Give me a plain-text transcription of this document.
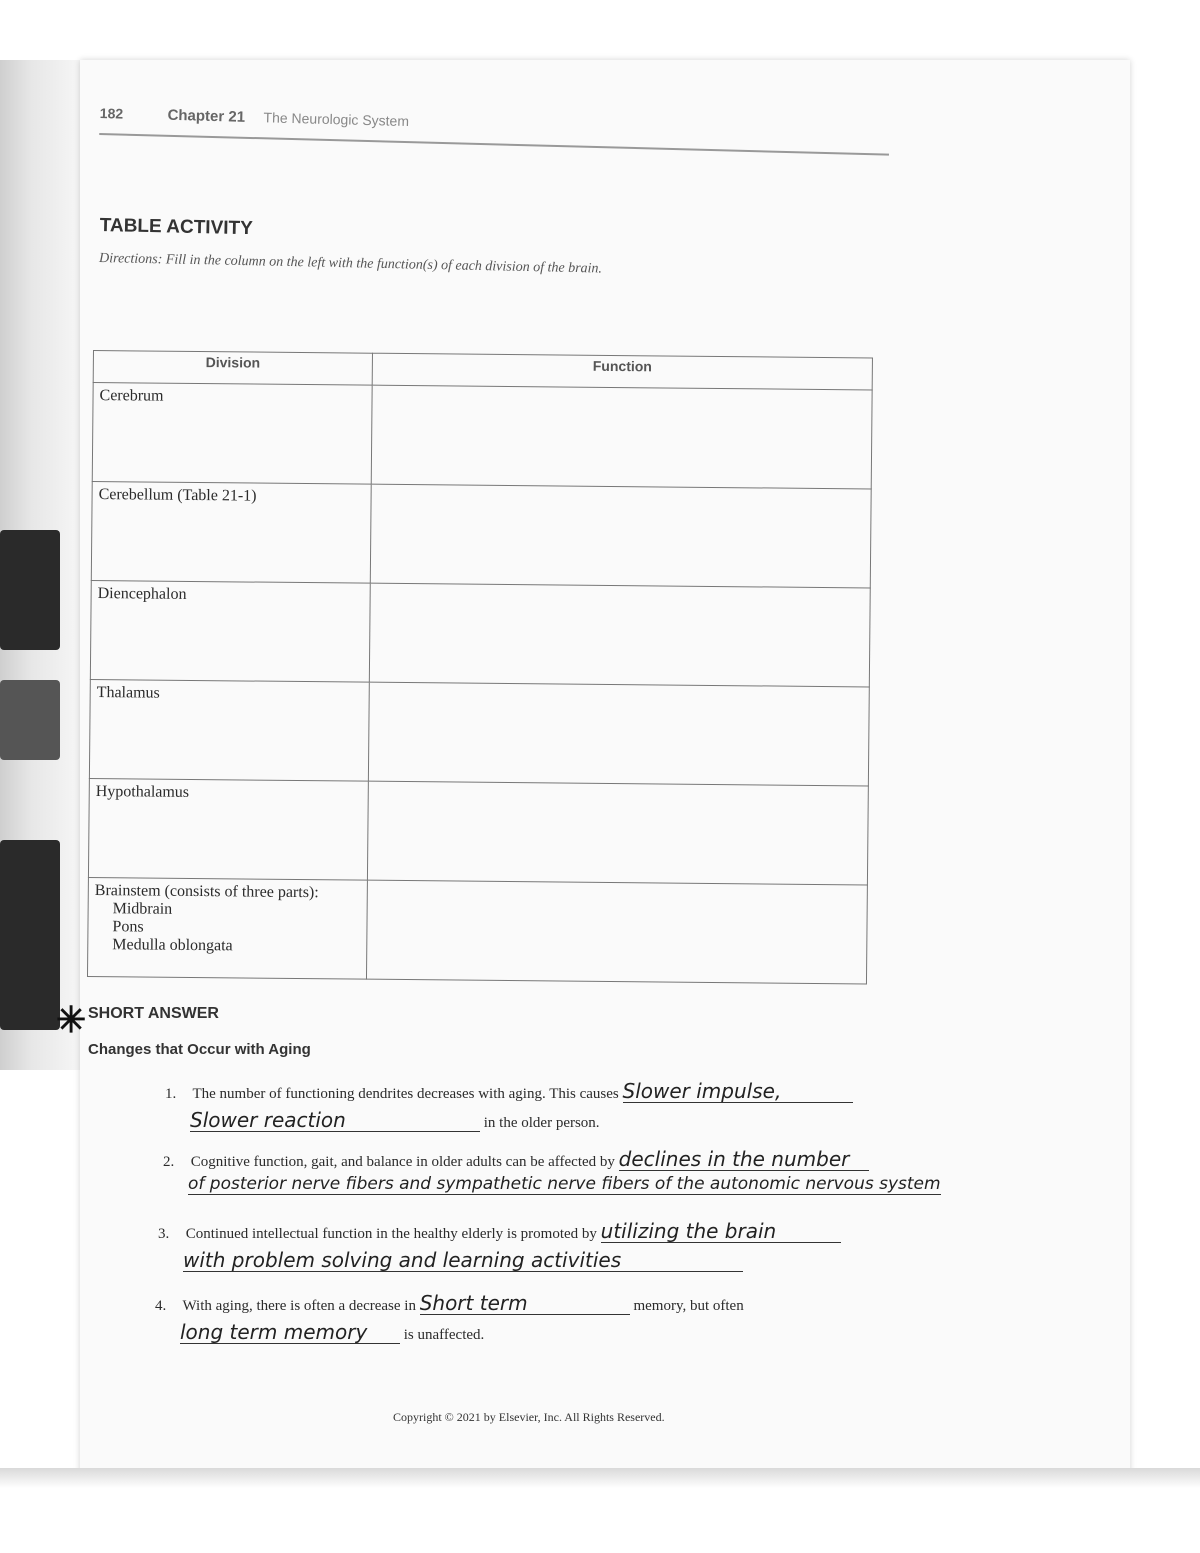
182	Chapter 21 The Neurologic System
TABLE ACTIVITY
Directions: Fill in the column on the left with the function(s) of each division of the brain.
Division	Function
Cerebrum	
Cerebellum (Table 21-1)	
Diencephalon	
Thalamus	
Hypothalamus	

Brainstem (consists of three parts):
Midbrain
Pons
Medulla oblongata	

✳ SHORT ANSWER
Changes that Occur with Aging
1. The number of functioning dendrites decreases with aging. This causes Slower impulse,
Slower reaction	in the older person.
2. Cognitive function, gait, and balance in older adults can be affected by declines in the number
of posterior nerve fibers and sympathetic nerve fibers of the autonomic nervous system
3. Continued intellectual function in the healthy elderly is promoted by utilizing the brain
with problem solving and learning activities
4. With aging, there is often a decrease in Short term	memory, but often
long term memory is unaffected.
Copyright © 2021 by Elsevier, Inc. All Rights Reserved.
